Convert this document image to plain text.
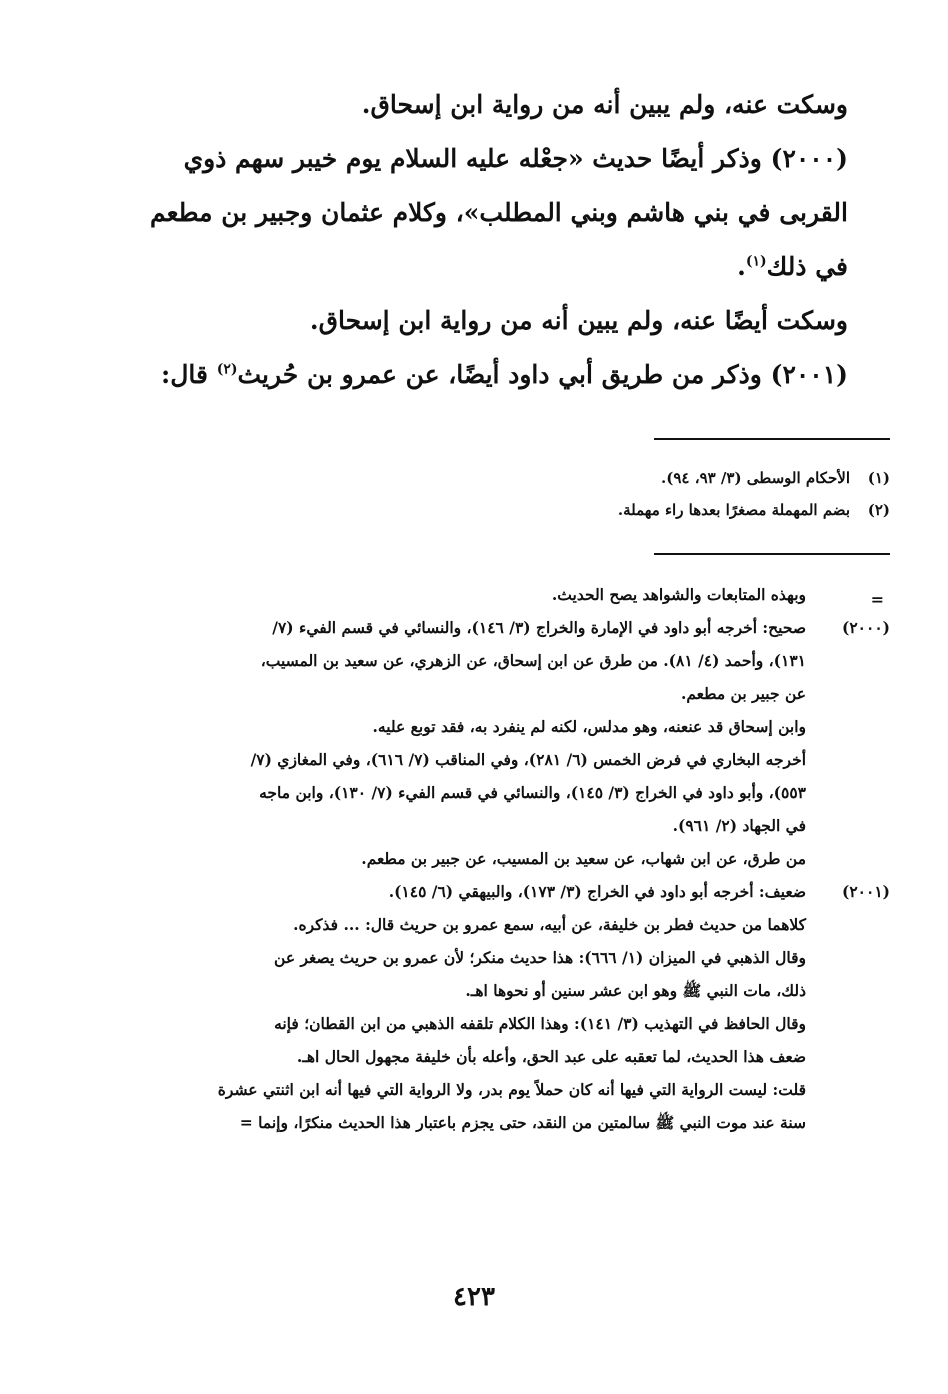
وسكت عنه، ولم يبين أنه من رواية ابن إسحاق.

(٢٠٠٠) وذكر أيضًا حديث «جعْله عليه السلام يوم خيبر سهم ذوي القربى في بني هاشم وبني المطلب»، وكلام عثمان وجبير بن مطعم في ذلك$^{(١)}$.

وسكت أيضًا عنه، ولم يبين أنه من رواية ابن إسحاق.

(٢٠٠١) وذكر من طريق أبي داود أيضًا، عن عمرو بن حُريث$^{(٢)}$ قال:

(١)الأحكام الوسطى (٣/ ٩٣، ٩٤).
(٢)بضم المهملة مصغرًا بعدها راء مهملة.
=
وبهذه المتابعات والشواهد يصح الحديث.
(٢٠٠٠)
صحيح: أخرجه أبو داود في الإمارة والخراج (٣/ ١٤٦)، والنسائي في قسم الفيء (٧/
١٣١)، وأحمد (٤/ ٨١). من طرق عن ابن إسحاق، عن الزهري، عن سعيد بن المسيب،
عن جبير بن مطعم.
وابن إسحاق قد عنعنه، وهو مدلس، لكنه لم ينفرد به، فقد توبع عليه.
أخرجه البخاري في فرض الخمس (٦/ ٢٨١)، وفي المناقب (٧/ ٦١٦)، وفي المغازي (٧/
٥٥٣)، وأبو داود في الخراج (٣/ ١٤٥)، والنسائي في قسم الفيء (٧/ ١٣٠)، وابن ماجه
في الجهاد (٢/ ٩٦١).
من طرق، عن ابن شهاب، عن سعيد بن المسيب، عن جبير بن مطعم.
(٢٠٠١)
ضعيف: أخرجه أبو داود في الخراج (٣/ ١٧٣)، والبيهقي (٦/ ١٤٥).
كلاهما من حديث فطر بن خليفة، عن أبيه، سمع عمرو بن حريث قال: ... فذكره.
وقال الذهبي في الميزان (١/ ٦٦٦): هذا حديث منكر؛ لأن عمرو بن حريث يصغر عن
ذلك، مات النبي ﷺ وهو ابن عشر سنين أو نحوها اهـ.
وقال الحافظ في التهذيب (٣/ ١٤١): وهذا الكلام تلقفه الذهبي من ابن القطان؛ فإنه
ضعف هذا الحديث، لما تعقبه على عبد الحق، وأعله بأن خليفة مجهول الحال اهـ.
قلت: ليست الرواية التي فيها أنه كان حملاً يوم بدر، ولا الرواية التي فيها أنه ابن اثنتي عشرة
سنة عند موت النبي ﷺ سالمتين من النقد، حتى يجزم باعتبار هذا الحديث منكرًا، وإنما =
٤٢٣
